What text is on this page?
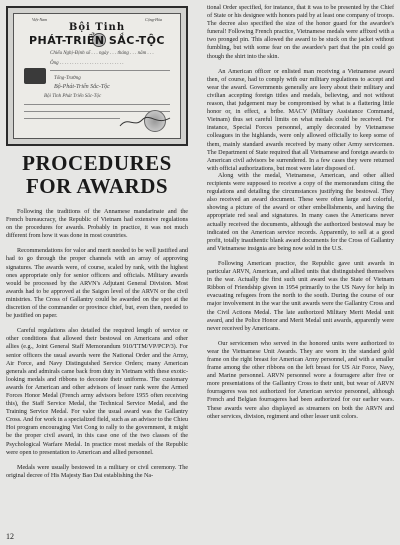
Việt-Nam	Cộng-Hòa
Bội Tinh
PHÁT-TRIỂN SẮC-TỘC
Chiếu Nghị-Định số . . . ngày . . . tháng . . . năm . . .
Ông . . . . . . . . . . . . . . . . . . . . . . . . . .
Tổng-Trưởng
Bộ-Phát-Triển Sắc-Tộc
Bội Tinh Phát Triển Sắc-Tộc
PROCEDURES
FOR AWARDS

Following the traditions of the Annamese mandarinate and the French bureaucracy, the Republic of Vietnam had extensive regulations on the procedures for awards. Probably in practice, it was not much different from how it was done in most countries.

Recommendations for valor and merit needed to be well justified and had to go through the proper channels with an array of approving signatures. The awards were, of course, scaled by rank, with the highest ones appropriate only for senior officers and officials. Military awards would be processed by the ARVN's Adjutant General Division. Most awards had to be approved at the Saigon level of the ARVN or the civil ministries. The Cross of Gallantry could be awarded on the spot at the discretion of the commander or province chief, but, even then, needed to be justified on paper.

Careful regulations also detailed the required length of service or other conditions that allowed their bestowal on Americans and other allies (e.g., Joint General Staff Memorandum 910/TTM/VP/PCP/3). For senior officers the usual awards were the National Order and the Army, Air Force, and Navy Distinguished Service Orders; many American generals and admirals came back from duty in Vietnam with these exotic-looking medals and ribbons to decorate their uniforms. The customary awards for American and other advisors of lesser rank were the Armed Forces Honor Medal (French army advisors before 1955 often receiving this), the Staff Service Medal, the Technical Service Medal, and the Training Service Medal. For valor the usual award was the Gallantry Cross. And for work in a specialized field, such as an advisor to the Chieu Hoi program encouraging Viet Cong to rally to the government, it might be the proper civil award, in this case one of the two classes of the Psychological Warfare Medal. In practice most medals of the Republic were open to presentation to American and allied personnel.

Medals were usually bestowed in a military or civil ceremony. The original decree of His Majesty Bao Dai establishing the Na-

tional Order specified, for instance, that it was to be presented by the Chief of State or his designee with honors paid by at least one company of troops. The decree also specified the size of the honor guard for the awardee's funeral! Following French practice, Vietnamese medals were affixed with a two pronged pin. This allowed the award to be stuck on the jacket without fumbling, but with some fear on the awardee's part that the pin could go though the shirt into the skin.

An American officer or enlisted man receiving a Vietnamese award then, of course, had to comply with our military regulations to accept and wear the award. Governments generally are leery about their military and civilian accepting foreign titles and medals, believing, and not without reason, that judgement may be compromised by what is a flattering little honor or, in effect, a bribe. MACV (Military Assistance Command, Vietnam) thus set careful limits on what medals could be received. For instance, Special Forces personnel, amply decorated by Vietnamese colleagues in the highlands, were only allowed officially to keep some of them, mainly standard awards received by many other Army servicemen. The Department of State required that all Vietnamese and foreign awards to American civil advisors be surrendered. In a few cases they were returned with official authorizations, but most were later disposed of.

Along with the medal, Vietnamese, American, and other allied recipients were supposed to receive a copy of the memorandum citing the regulations and detailing the circumstances justifying the bestowal. They also received an award document. These were often large and colorful, showing a picture of the award or other embellishments, and having the appropriate red seal and signatures. In many cases the Americans never actually received the documents, although the authorized bestowal may be indicated on the American service records. Apparently, to sell at a good profit, totally inauthentic blank award documents for the Cross of Gallantry and Vietnamese insignia are being now sold in the U.S.

Following American practice, the Republic gave unit awards in particular ARVN, American, and allied units that distinguished themselves in the war. Actually the first such unit award was the State of Vietnam Ribbon of Friendship given in 1954 primarily to the US Navy for help in evacuating refugees from the north to the south. During the course of our major involvement in the war the unit awards were the Gallantry Cross and the Civil Actions Medal. The late authorized Military Merit Medal unit award, and the Police Honor and Merit Medal unit awards, apparently were never received by Americans.

Our servicemen who served in the honored units were authorized to wear the Vietnamese Unit Awards. They are worn in the standard gold frame on the right breast for American Army personnel, and with a smaller frame among the other ribbons on the left breast for US Air Force, Navy, and Marine personnel. ARVN personnel wore a fourragere after five or more presentations of the Gallantry Cross to their unit, but wear of ARVN fourrageres was not authorized for American service personnel, although French and Belgian fourrageres had been authorized for our earlier wars. These awards were also displayed as streamers on both the ARVN and other services, division, regiment and other lesser unit colors.

12
